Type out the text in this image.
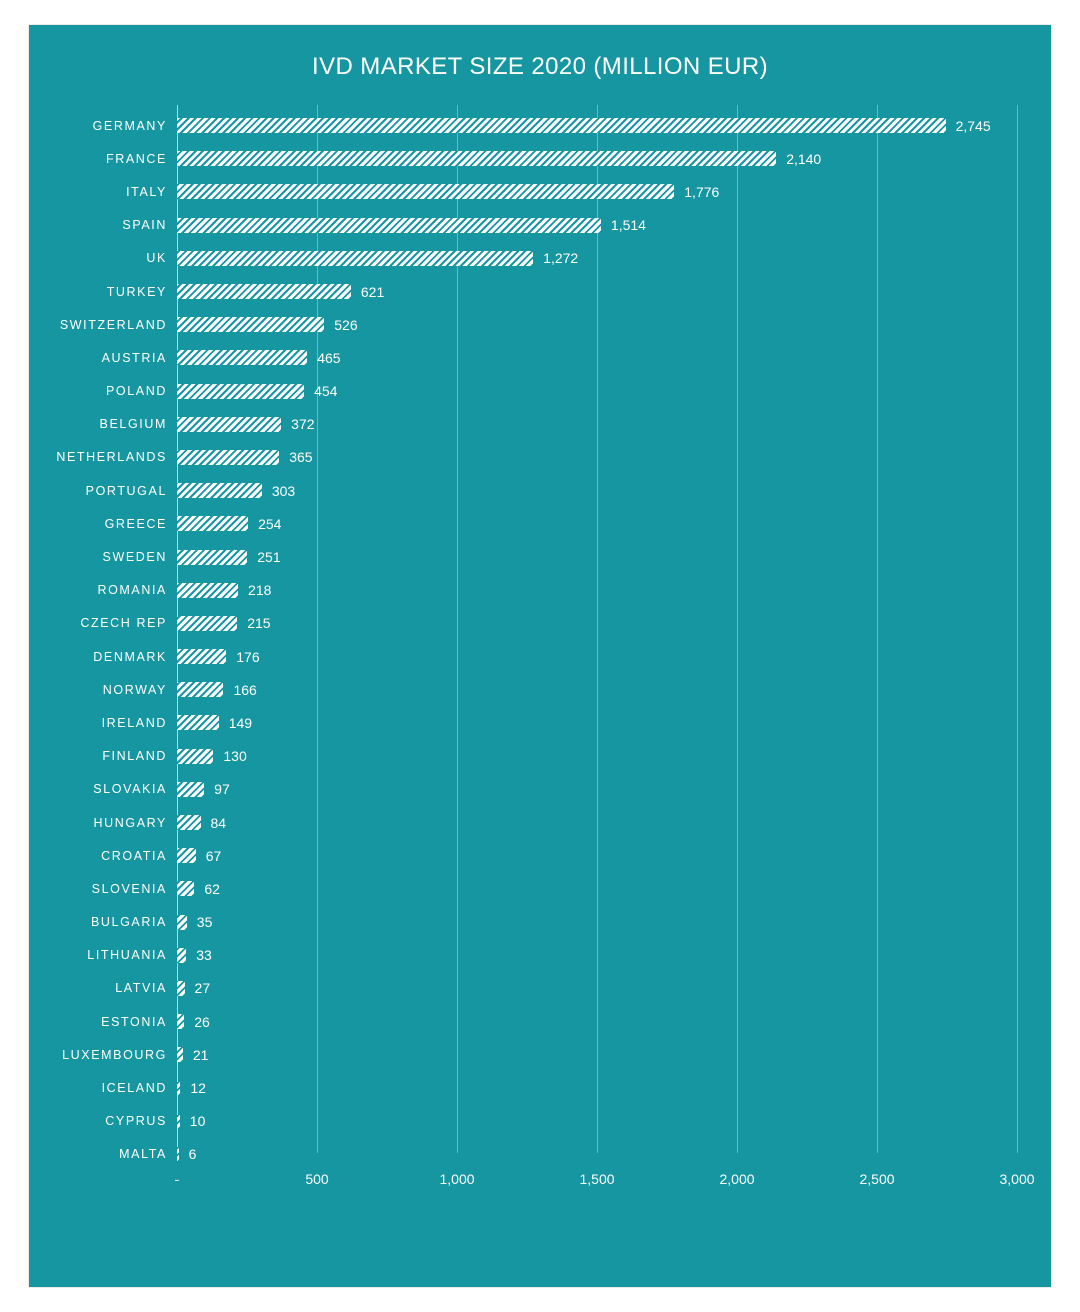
IVD MARKET SIZE 2020 (MILLION EUR)
GERMANY	2,745
FRANCE	2,140
ITALY	1,776
SPAIN	1,514
UK	1,272
TURKEY	621
SWITZERLAND	526
AUSTRIA	465
POLAND	454
BELGIUM	372
NETHERLANDS	365
PORTUGAL	303
GREECE	254
SWEDEN	251
ROMANIA	218
CZECH REP	215
DENMARK	176
NORWAY	166
IRELAND	149
FINLAND	130
SLOVAKIA	97
HUNGARY	84
CROATIA	67
SLOVENIA	62
BULGARIA 35
LITHUANIA 33
LATVIA 27
ESTONIA 26
LUXEMBOURG 21
ICELAND 12
CYPRUS 10
MALTA 6
-	500	1,000	1,500	2,000	2,500	3,000
